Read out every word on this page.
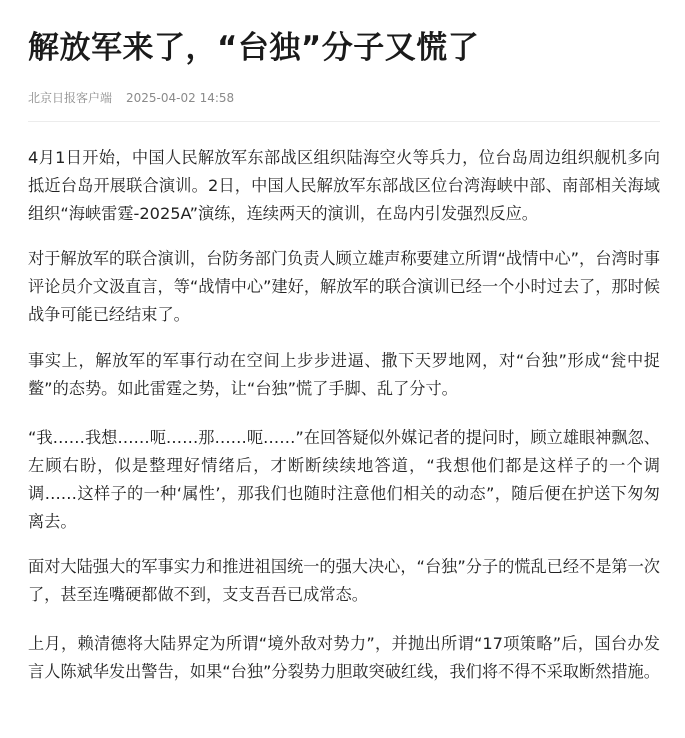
解放军来了，“台独”分子又慌了
北京日报客户端 2025-04-02 14:58

4月1日开始，中国人民解放军东部战区组织陆海空火等兵力，位台岛周边组织舰机多向抵近台岛开展联合演训。2日，中国人民解放军东部战区位台湾海峡中部、南部相关海域组织“海峡雷霆-2025A”演练，连续两天的演训，在岛内引发强烈反应。

对于解放军的联合演训，台防务部门负责人顾立雄声称要建立所谓“战情中心”，台湾时事评论员介文汲直言，等“战情中心”建好，解放军的联合演训已经一个小时过去了，那时候战争可能已经结束了。

事实上，解放军的军事行动在空间上步步进逼、撒下天罗地网，对“台独”形成“瓮中捉鳖”的态势。如此雷霆之势，让“台独”慌了手脚、乱了分寸。

“我……我想……呃……那……呃……”在回答疑似外媒记者的提问时，顾立雄眼神飘忽、左顾右盼，似是整理好情绪后，才断断续续地答道，“我想他们都是这样子的一个调调……这样子的一种‘属性’，那我们也随时注意他们相关的动态”，随后便在护送下匆匆离去。

面对大陆强大的军事实力和推进祖国统一的强大决心，“台独”分子的慌乱已经不是第一次了，甚至连嘴硬都做不到，支支吾吾已成常态。

上月，赖清德将大陆界定为所谓“境外敌对势力”，并抛出所谓“17项策略”后，国台办发言人陈斌华发出警告，如果“台独”分裂势力胆敢突破红线，我们将不得不采取断然措施。
